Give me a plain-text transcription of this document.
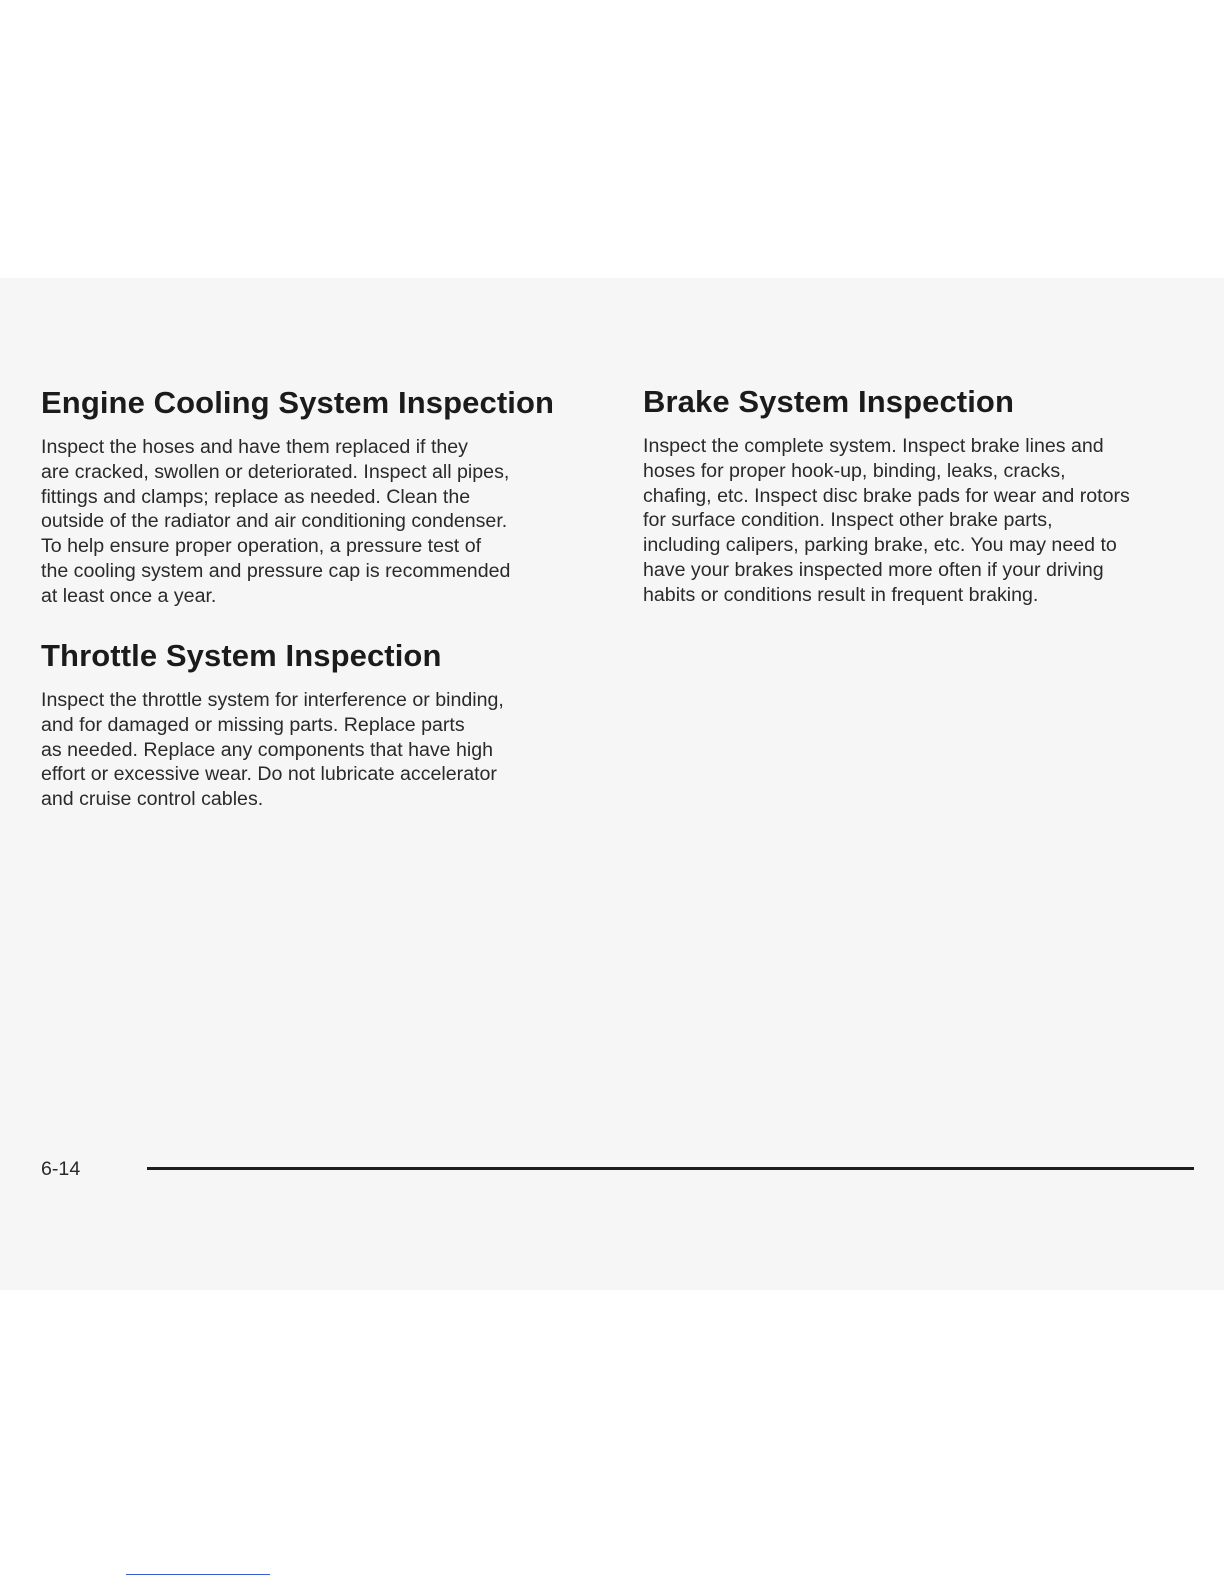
Engine Cooling System Inspection

Inspect the hoses and have them replaced if they
are cracked, swollen or deteriorated. Inspect all pipes,
fittings and clamps; replace as needed. Clean the
outside of the radiator and air conditioning condenser.
To help ensure proper operation, a pressure test of
the cooling system and pressure cap is recommended
at least once a year.

Throttle System Inspection

Inspect the throttle system for interference or binding,
and for damaged or missing parts. Replace parts
as needed. Replace any components that have high
effort or excessive wear. Do not lubricate accelerator
and cruise control cables.

Brake System Inspection

Inspect the complete system. Inspect brake lines and
hoses for proper hook-up, binding, leaks, cracks,
chafing, etc. Inspect disc brake pads for wear and rotors
for surface condition. Inspect other brake parts,
including calipers, parking brake, etc. You may need to
have your brakes inspected more often if your driving
habits or conditions result in frequent braking.

6-14
